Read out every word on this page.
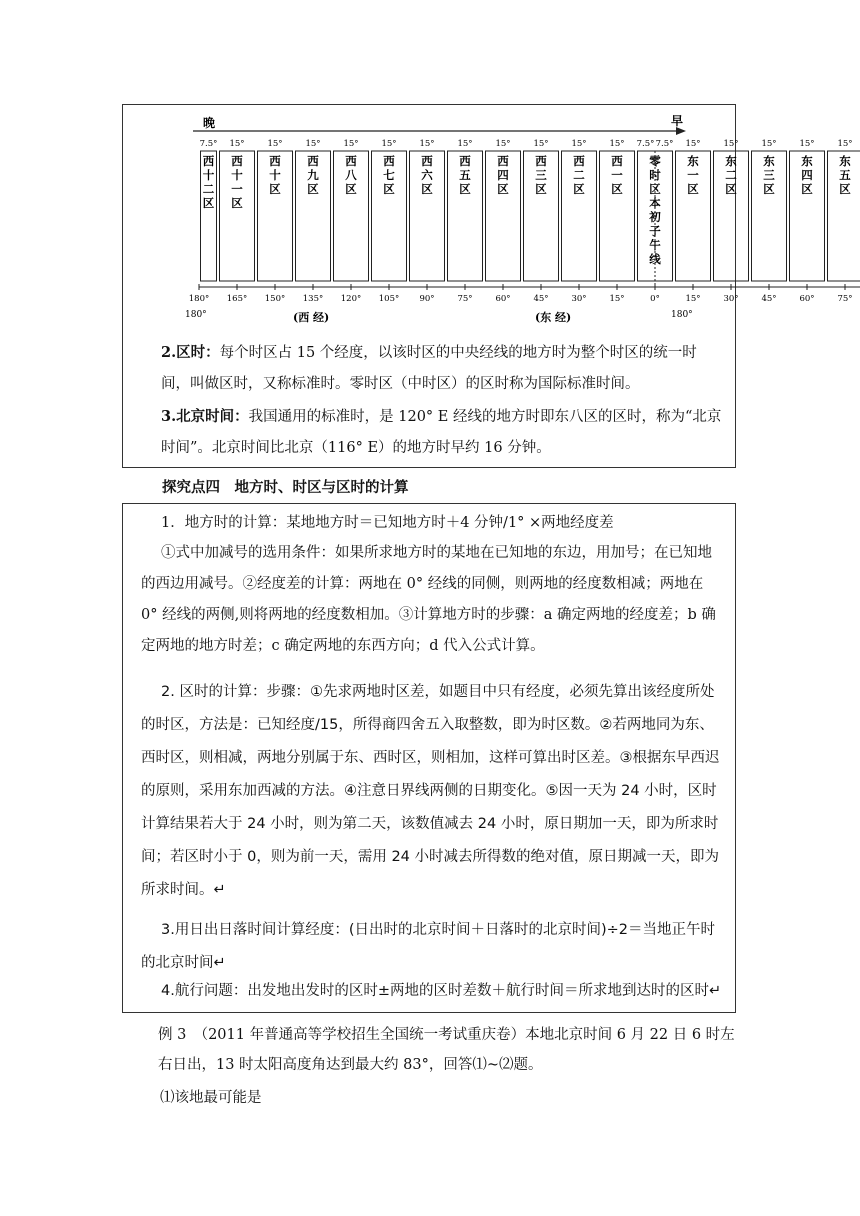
晚	早
7.5° 15°	15°	15°	15°	15°	15°	15°	15°	15°	15°	15° 7.5° 7.5° 15°	15°	15°	15°	15°
西
十
二
区
西
十
一
区
西
十
区
西
九
区
西
八
区
西
七
区
西
六
区
西
五
区
西
四
区
西
三
区
西
二
区
西
一
区
零
时
区
本
初
子
午
线
东
一
区
东
二
区
东
三
区
东
四
区
东
五
区
180° 165° 150° 135° 120° 105° 90°	75°	60°	45°	30°	15°	0°	15°	30°	45°	60°	75°
180°	180°
(西 经)	(东 经)

2.区时：每个时区占 15 个经度，以该时区的中央经线的地方时为整个时区的统一时间，叫做区时，又称标准时。零时区（中时区）的区时称为国际标准时间。

3.北京时间：我国通用的标准时，是 120° E 经线的地方时即东八区的区时，称为“北京时间”。北京时间比北京（116° E）的地方时早约 16 分钟。

探究点四　地方时、时区与区时的计算

1．地方时的计算：某地地方时＝已知地方时＋4 分钟/1° ×两地经度差

①式中加减号的选用条件：如果所求地方时的某地在已知地的东边，用加号；在已知地的西边用减号。②经度差的计算：两地在 0° 经线的同侧，则两地的经度数相减；两地在 0° 经线的两侧,则将两地的经度数相加。③计算地方时的步骤：a 确定两地的经度差；b 确定两地的地方时差；c 确定两地的东西方向；d 代入公式计算。

2. 区时的计算：步骤：①先求两地时区差，如题目中只有经度，必须先算出该经度所处的时区，方法是：已知经度/15，所得商四舍五入取整数，即为时区数。②若两地同为东、西时区，则相减，两地分别属于东、西时区，则相加，这样可算出时区差。③根据东早西迟的原则，采用东加西减的方法。④注意日界线两侧的日期变化。⑤因一天为 24 小时，区时计算结果若大于 24 小时，则为第二天，该数值减去 24 小时，原日期加一天，即为所求时间；若区时小于 0，则为前一天，需用 24 小时减去所得数的绝对值，原日期减一天，即为所求时间。↵

3.用日出日落时间计算经度：(日出时的北京时间＋日落时的北京时间)÷2＝当地正午时的北京时间↵

4.航行问题：出发地出发时的区时±两地的区时差数＋航行时间＝所求地到达时的区时↵

例 3　（2011 年普通高等学校招生全国统一考试重庆卷）本地北京时间 6 月 22 日 6 时左右日出，13 时太阳高度角达到最大约 83°，回答⑴~⑵题。

⑴该地最可能是
